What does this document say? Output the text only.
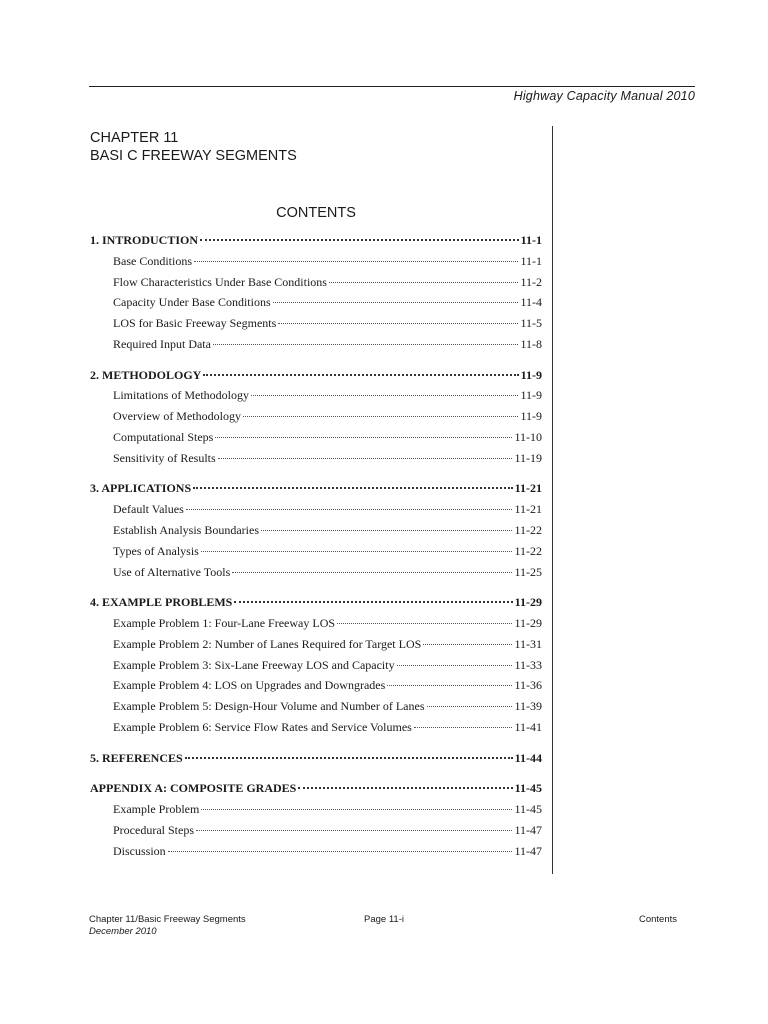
Highway Capacity Manual 2010
CHAPTER 11
BASI C FREEWAY SEGMENTS
CONTENTS
1. INTRODUCTION	11-1
Base Conditions	11-1
Flow Characteristics Under Base Conditions	11-2
Capacity Under Base Conditions	11-4
LOS for Basic Freeway Segments	11-5
Required Input Data	11-8
2. METHODOLOGY	11-9
Limitations of Methodology	11-9
Overview of Methodology	11-9
Computational Steps	11-10
Sensitivity of Results	11-19
3. APPLICATIONS	11-21
Default Values	11-21
Establish Analysis Boundaries	11-22
Types of Analysis	11-22
Use of Alternative Tools	11-25
4. EXAMPLE PROBLEMS	11-29
Example Problem 1: Four-Lane Freeway LOS	11-29
Example Problem 2: Number of Lanes Required for Target LOS	11-31
Example Problem 3: Six-Lane Freeway LOS and Capacity	11-33
Example Problem 4: LOS on Upgrades and Downgrades	11-36
Example Problem 5: Design-Hour Volume and Number of Lanes	11-39
Example Problem 6: Service Flow Rates and Service Volumes	11-41
5. REFERENCES	11-44
APPENDIX A: COMPOSITE GRADES	11-45
Example Problem	11-45
Procedural Steps	11-47
Discussion	11-47
Chapter 11/Basic Freeway Segments	Page 11-i	Contents
December 2010
